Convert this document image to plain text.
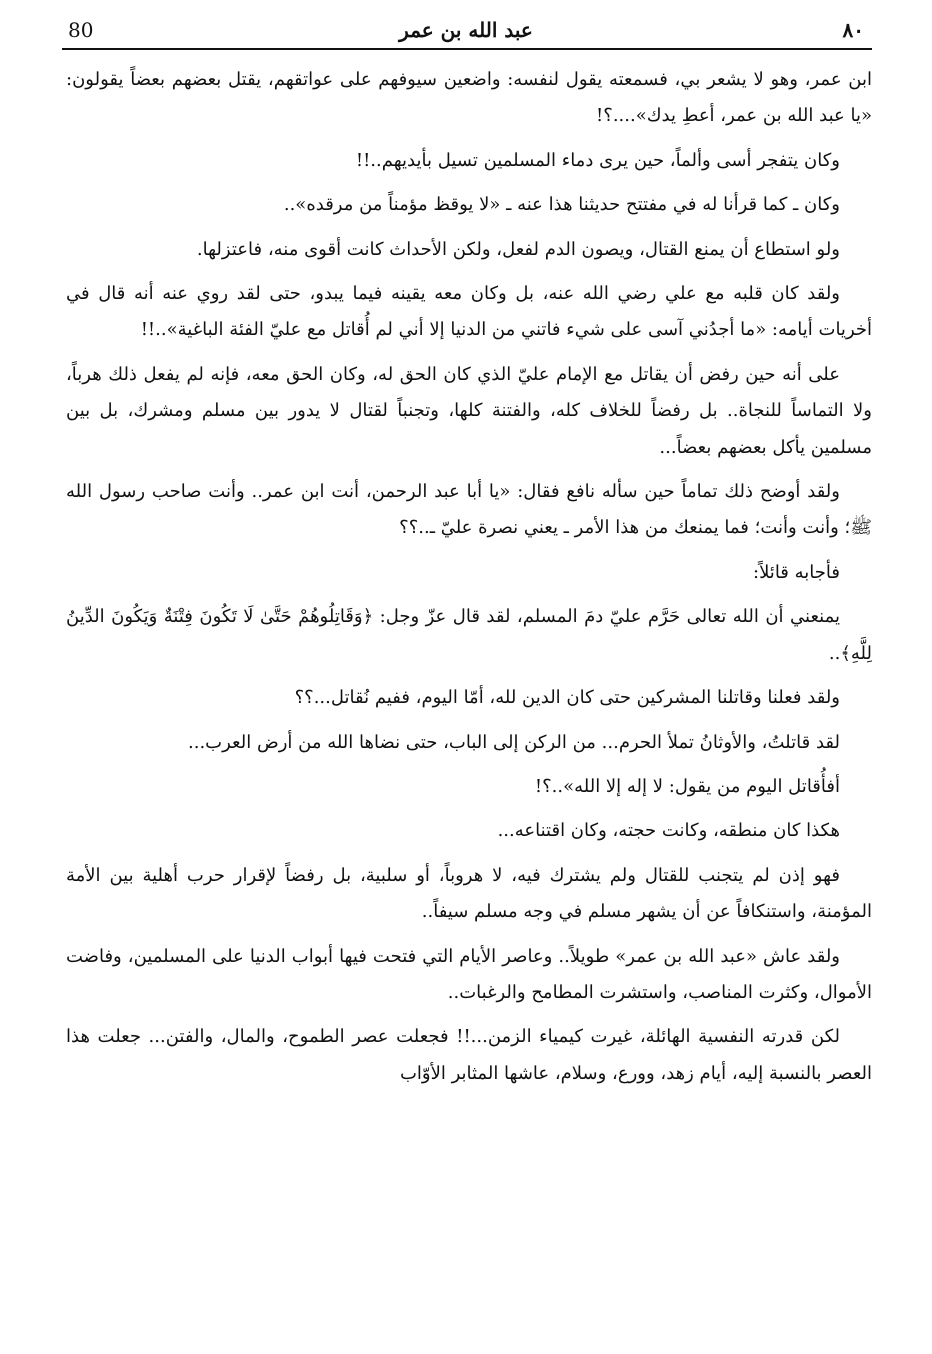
80	عبد الله بن عمر	٨٠

ابن عمر، وهو لا يشعر بي، فسمعته يقول لنفسه: واضعين سيوفهم على عواتقهم، يقتل بعضهم بعضاً يقولون: «يا عبد الله بن عمر، أعطِ يدك»....؟!

وكان يتفجر أسى وألماً، حين يرى دماء المسلمين تسيل بأيديهم..!!

وكان ـ كما قرأنا له في مفتتح حديثنا هذا عنه ـ «لا يوقظ مؤمناً من مرقده»..

ولو استطاع أن يمنع القتال، ويصون الدم لفعل، ولكن الأحداث كانت أقوى منه، فاعتزلها.

ولقد كان قلبه مع علي رضي الله عنه، بل وكان معه يقينه فيما يبدو، حتى لقد روي عنه أنه قال في أخريات أيامه: «ما أجدُني آسى على شيء فاتني من الدنيا إلا أني لم أُقاتل مع عليّ الفئة الباغية»..!!

على أنه حين رفض أن يقاتل مع الإمام عليّ الذي كان الحق له، وكان الحق معه، فإنه لم يفعل ذلك هرباً، ولا التماساً للنجاة.. بل رفضاً للخلاف كله، والفتنة كلها، وتجنباً لقتال لا يدور بين مسلم ومشرك، بل بين مسلمين يأكل بعضهم بعضاً...

ولقد أوضح ذلك تماماً حين سأله نافع فقال: «يا أبا عبد الرحمن، أنت ابن عمر.. وأنت صاحب رسول الله ﷺ؛ وأنت وأنت؛ فما يمنعك من هذا الأمر ـ يعني نصرة عليّ ـ..؟؟

فأجابه قائلاً:

يمنعني أن الله تعالى حَرَّم عليّ دمَ المسلم، لقد قال عزّ وجل: ﴿وَقَاتِلُوهُمْ حَتَّىٰ لَا تَكُونَ فِتْنَةٌ وَيَكُونَ الدِّينُ لِلَّهِ﴾..

ولقد فعلنا وقاتلنا المشركين حتى كان الدين لله، أمّا اليوم، ففيم نُقاتل...؟؟

لقد قاتلتُ، والأوثانُ تملأ الحرم... من الركن إلى الباب، حتى نضاها الله من أرض العرب...

أفأُقاتل اليوم من يقول: لا إله إلا الله»..؟!

هكذا كان منطقه، وكانت حجته، وكان اقتناعه...

فهو إذن لم يتجنب للقتال ولم يشترك فيه، لا هروباً، أو سلبية، بل رفضاً لإقرار حرب أهلية بين الأمة المؤمنة، واستنكافاً عن أن يشهر مسلم في وجه مسلم سيفاً..

ولقد عاش «عبد الله بن عمر» طويلاً.. وعاصر الأيام التي فتحت فيها أبواب الدنيا على المسلمين، وفاضت الأموال، وكثرت المناصب، واستشرت المطامح والرغبات..

لكن قدرته النفسية الهائلة، غيرت كيمياء الزمن...!! فجعلت عصر الطموح، والمال، والفتن... جعلت هذا العصر بالنسبة إليه، أيام زهد، وورع، وسلام، عاشها المثابر الأوّاب
